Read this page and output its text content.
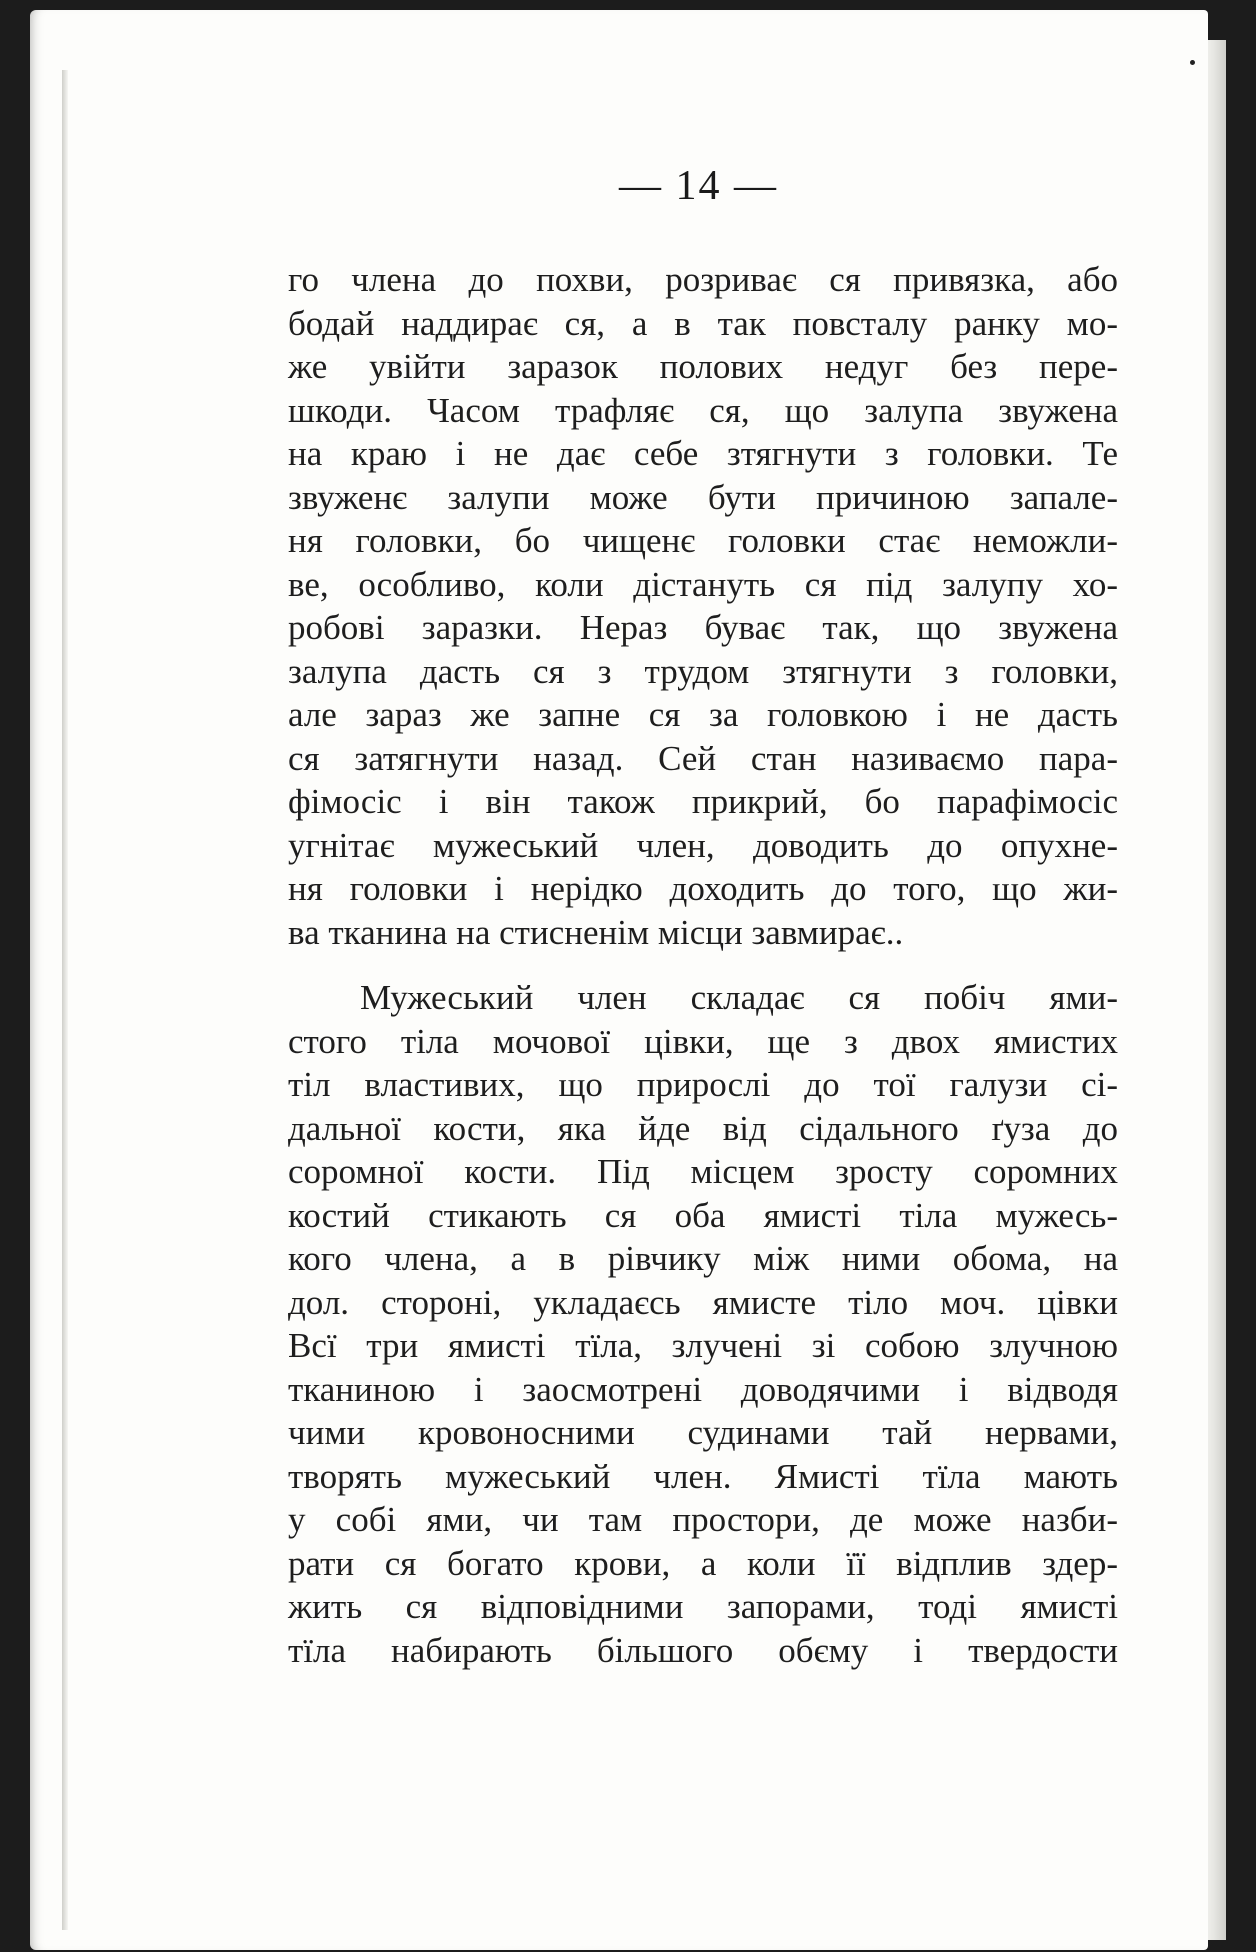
— 14 —
го члена до похви, розриває ся привязка, або
бодай наддирає ся, а в так повсталу ранку мо-
же увійти заразок полових недуг без пере-
шкоди. Часом трафляє ся, що залупа звужена
на краю і не дає себе зтягнути з головки. Те
звуженє залупи може бути причиною запале-
ня головки, бо чищенє головки стає неможли-
ве, особливо, коли дістануть ся під залупу хо-
робові заразки. Нераз буває так, що звужена
залупа дасть ся з трудом зтягнути з головки,
але зараз же запне ся за головкою і не дасть
ся затягнути назад. Сей стан називаємо пара-
фімосіс і він також прикрий, бо парафімосіс
угнітає мужеський член, доводить до опухне-
ня головки і нерідко доходить до того, що жи-
ва тканина на стисненім місци завмирає..
Мужеський член складає ся побіч ями-
стого тіла мочової цівки, ще з двох ямистих
тіл властивих, що прирослі до тої галузи сі-
дальної кости, яка йде від сідального ґуза до
соромної кости. Під місцем зросту соромних
костий стикають ся оба ямисті тіла мужесь-
кого члена, а в рівчику між ними обома, на
дол. стороні, укладаєсь ямисте тіло моч. цівки
Всї три ямисті тїла, злучені зі собою злучною
тканиною і заосмотрені доводячими і відводя
чими кровоносними судинами тай нервами,
творять мужеський член. Ямисті тїла мають
у собі ями, чи там простори, де може назби-
рати ся богато крови, а коли її відплив здер-
жить ся відповідними запорами, тоді ямисті
тїла набирають більшого обєму і твердости
